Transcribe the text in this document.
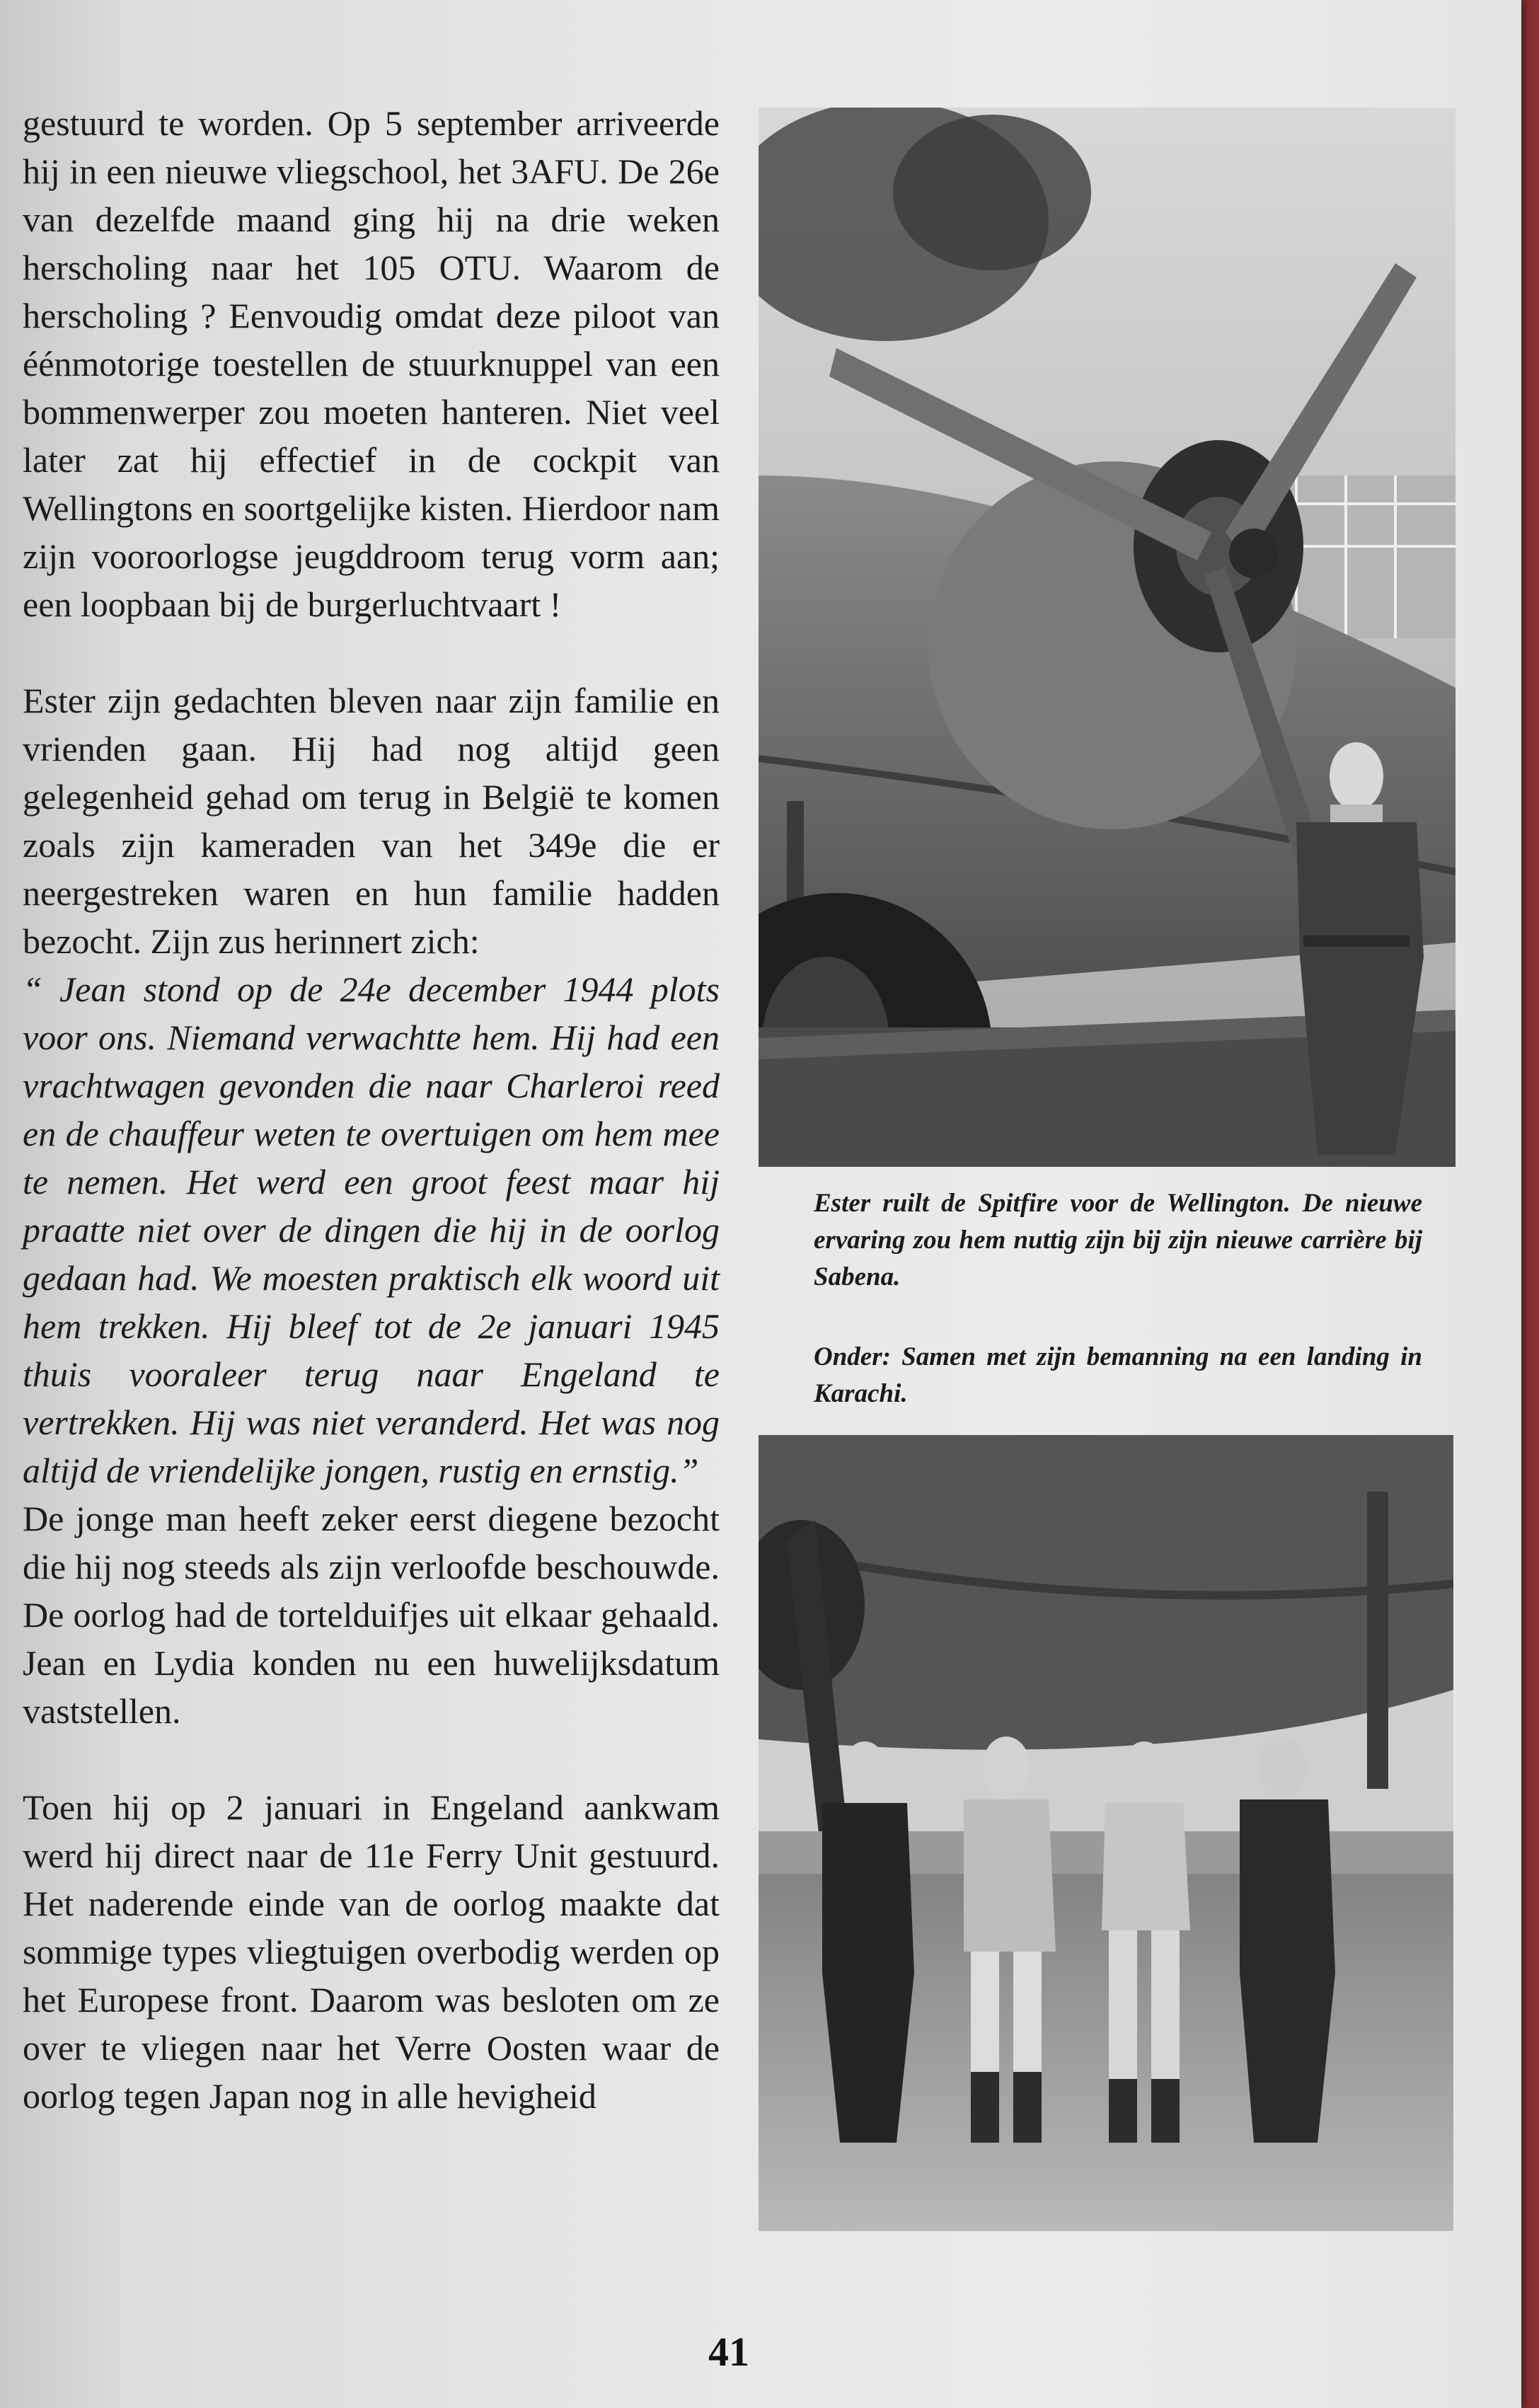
gestuurd te worden. Op 5 september arriveerde hij in een nieuwe vliegschool, het 3AFU. De 26e van dezelfde maand ging hij na drie weken herscholing naar het 105 OTU. Waarom de herscholing ? Eenvoudig omdat deze piloot van éénmotorige toestellen de stuurknuppel van een bommenwerper zou moeten hanteren. Niet veel later zat hij effectief in de cockpit van Wellingtons en soortgelijke kisten. Hierdoor nam zijn vooroorlogse jeugddroom terug vorm aan; een loopbaan bij de burgerluchtvaart !

Ester zijn gedachten bleven naar zijn familie en vrienden gaan. Hij had nog altijd geen gelegenheid gehad om terug in België te komen zoals zijn kameraden van het 349e die er neergestreken waren en hun familie hadden bezocht. Zijn zus herinnert zich:

“ Jean stond op de 24e december 1944 plots voor ons. Niemand verwachtte hem. Hij had een vrachtwagen gevonden die naar Charleroi reed en de chauffeur weten te overtuigen om hem mee te nemen. Het werd een groot feest maar hij praatte niet over de dingen die hij in de oorlog gedaan had. We moesten praktisch elk woord uit hem trekken. Hij bleef tot de 2e januari 1945 thuis vooraleer terug naar Engeland te vertrekken. Hij was niet veranderd. Het was nog altijd de vriendelijke jongen, rustig en ernstig.”

De jonge man heeft zeker eerst diegene bezocht die hij nog steeds als zijn verloofde beschouwde. De oorlog had de tortelduifjes uit elkaar gehaald. Jean en Lydia konden nu een huwelijksdatum vaststellen.

Toen hij op 2 januari in Engeland aankwam werd hij direct naar de 11e Ferry Unit gestuurd. Het naderende einde van de oorlog maakte dat sommige types vliegtuigen overbodig werden op het Europese front. Daarom was besloten om ze over te vliegen naar het Verre Oosten waar de oorlog tegen Japan nog in alle hevigheid

Ester ruilt de Spitfire voor de Wellington. De nieuwe ervaring zou hem nuttig zijn bij zijn nieuwe carrière bij Sabena.
Onder: Samen met zijn bemanning na een landing in Karachi.
41
